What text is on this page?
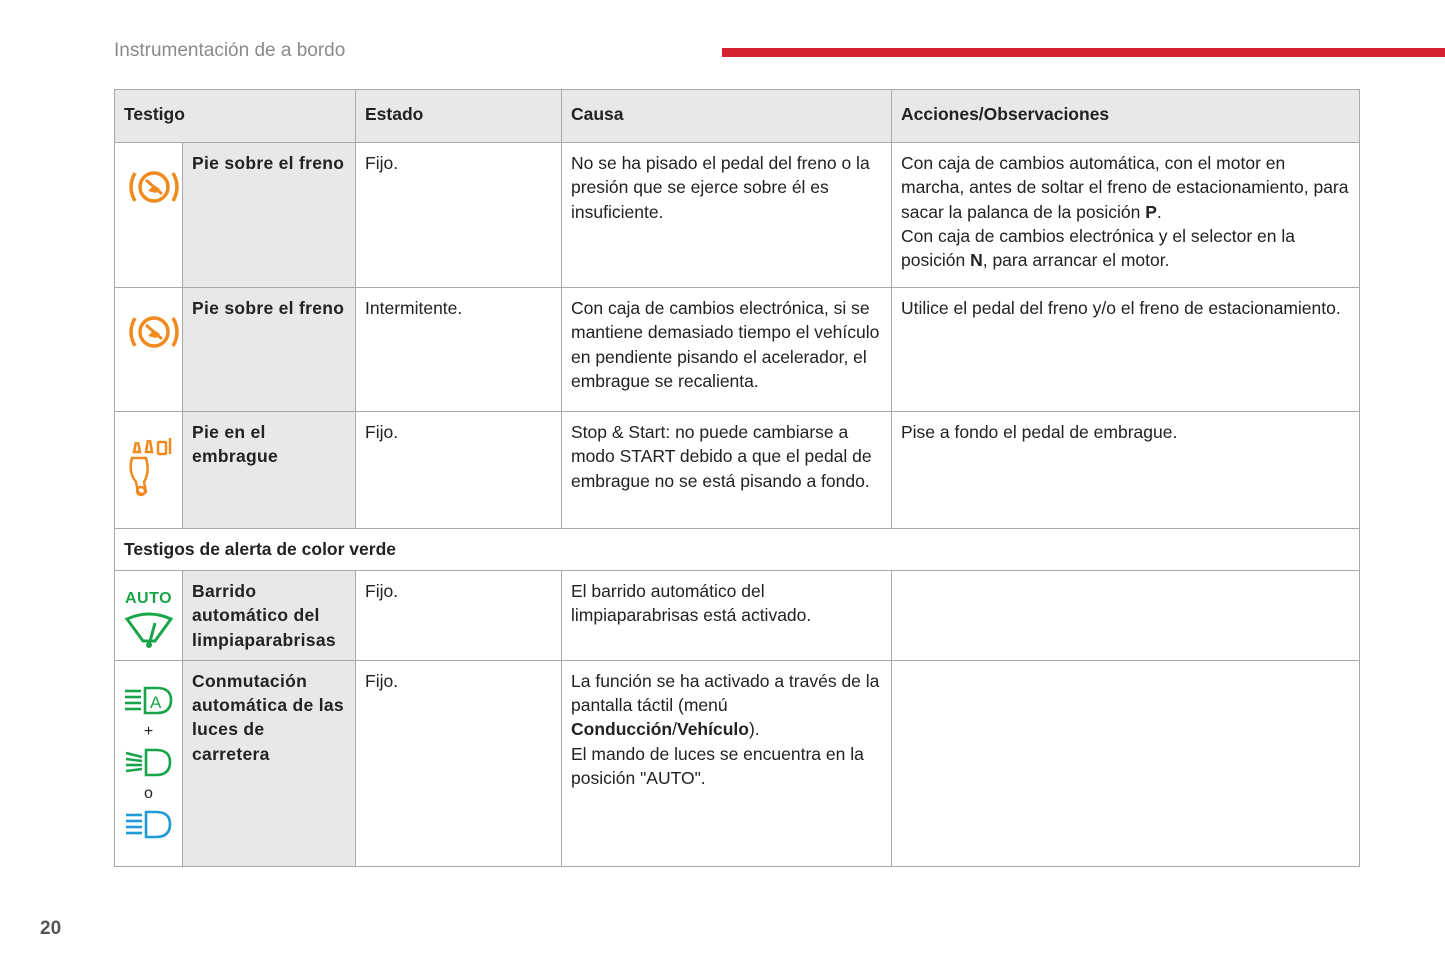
Instrumentación de a bordo
Testigo		Estado	Causa	Acciones/Observaciones
	Pie sobre el freno	Fijo.	No se ha pisado el pedal del freno o la presión que se ejerce sobre él es insuficiente.	Con caja de cambios automática, con el motor en marcha, antes de soltar el freno de estacionamiento, para sacar la palanca de la posición P.
Con caja de cambios electrónica y el selector en la posición N, para arrancar el motor.
	Pie sobre el freno	Intermitente.	Con caja de cambios electrónica, si se mantiene demasiado tiempo el vehículo en pendiente pisando el acelerador, el embrague se recalienta.	Utilice el pedal del freno y/o el freno de estacionamiento.
	Pie en el embrague	Fijo.	Stop & Start: no puede cambiarse a modo START debido a que el pedal de embrague no se está pisando a fondo.	Pise a fondo el pedal de embrague.
Testigos de alerta de color verde				

AUTO	Barrido automático del limpiaparabrisas	Fijo.	El barrido automático del limpiaparabrisas está activado.	

A
+
o	Conmutación automática de las luces de carretera	Fijo.	La función se ha activado a través de la pantalla táctil (menú Conducción/Vehículo).
El mando de luces se encuentra en la posición "AUTO".	
20
